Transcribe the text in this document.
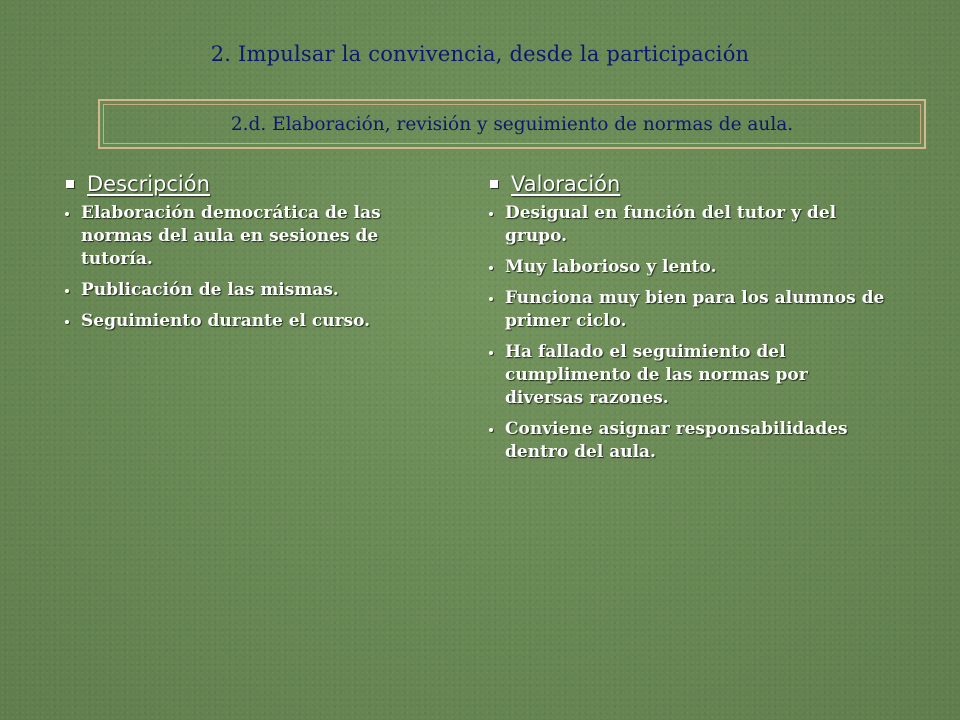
2. Impulsar la convivencia, desde la participación
2.d. Elaboración, revisión y seguimiento de normas de aula.
Descripción
Elaboración democrática de las normas del aula en sesiones de tutoría.
Publicación de las mismas.
Seguimiento durante el curso.
Valoración
Desigual en función del tutor y del grupo.
Muy laborioso y lento.
Funciona muy bien para los alumnos de primer ciclo.
Ha fallado el seguimiento del cumplimento de las normas por diversas razones.
Conviene asignar responsabilidades dentro del aula.
